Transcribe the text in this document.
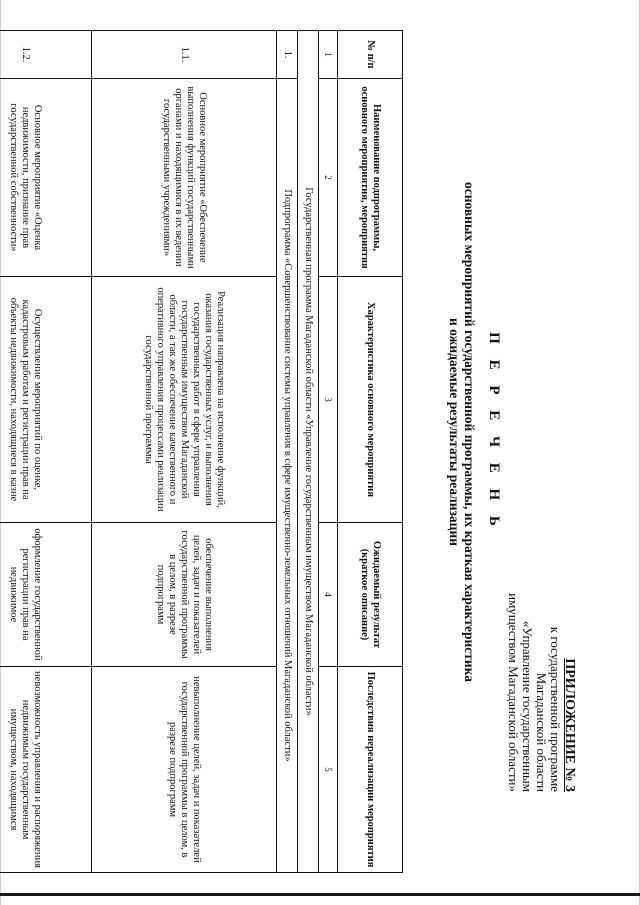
ПРИЛОЖЕНИЕ № 3
к государственной программе
Магаданской области
«Управление государственным
имуществом Магаданской области»
П Е Р Е Ч Е Н Ь
основных мероприятий государственной программы, их краткая характеристика
и ожидаемые результаты реализации
№ п/п	Наименование подпрограммы, основного мероприятия, мероприятия	Характеристика основного мероприятия	Ожидаемый результат (краткое описание)	Последствия нереализации мероприятия
1	2	3	4	5
Государственная программа Магаданской области «Управление государственным имуществом Магаданской области»				
1.	Подпрограмма «Совершенствование системы управления в сфере имущественно-земельных отношений Магаданской области»			
1.1.	Основное мероприятие «Обеспечение выполнения функций государственными органами и находящимися в их ведении государственными учреждениями»	Реализация направлена на исполнение функций, оказания государственных услуг, и выполнения государственных работ в сфере управления государственным имуществом Магаданской области, а так же обеспечение качественного и оперативного управления процессами реализации государственной программы	обеспечение выполнения целей, задач и показателей государственной программы в целом, в разрезе подпрограмм	невыполнение целей, задач и показателей государственной программы в целом, в разрезе подпрограмм
1.2.	Основное мероприятие «Оценка недвижимости, признание прав государственной собственности»	Осуществление мероприятий по оценке, кадастровым работам и регистрации прав на объекты недвижимости, находящиеся в казне	оформление государственной регистрации прав на недвижимое	невозможность управления и распоряжения недвижимым государственным имуществом, находящимся
